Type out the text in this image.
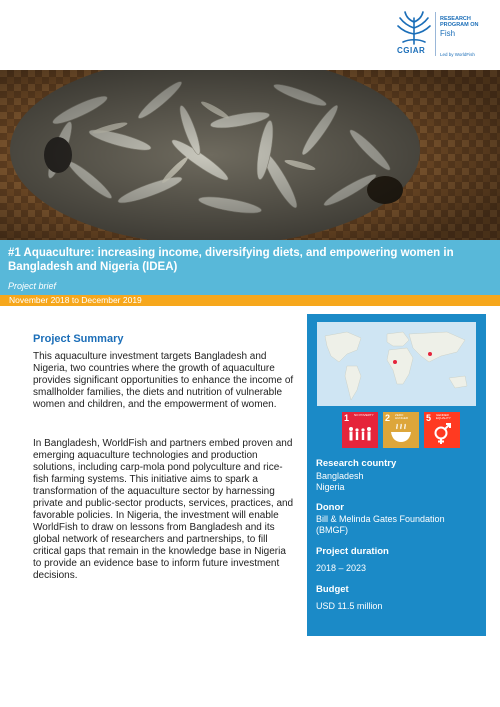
CGIAR
RESEARCH
PROGRAM ON
Fish
Led by WorldFish
#1 Aquaculture: increasing income, diversifying diets, and empowering women in Bangladesh and Nigeria (IDEA)
Project brief
November 2018 to December 2019
Project Summary

This aquaculture investment targets Bangladesh and Nigeria, two countries where the growth of aquaculture provides significant opportunities to enhance the income of smallholder families, the diets and nutrition of vulnerable women and children, and the empowerment of women.

In Bangladesh, WorldFish and partners embed proven and emerging aquaculture technologies and production solutions, including carp-mola pond polyculture and rice-fish farming systems. This initiative aims to spark a transformation of the aquaculture sector by harnessing private and public-sector products, services, practices, and favorable policies. In Nigeria, the investment will enable WorldFish to draw on lessons from Bangladesh and its global network of researchers and partnerships, to fill critical gaps that remain in the knowledge base in Nigeria to provide an evidence base to inform future investment decisions.

1 NO POVERTY 2 ZERO HUNGER	5 GENDER EQUALITY
Research country
Bangladesh
Nigeria
Donor
Bill & Melinda Gates Foundation
(BMGF)
Project duration
2018 – 2023
Budget
USD 11.5 million
